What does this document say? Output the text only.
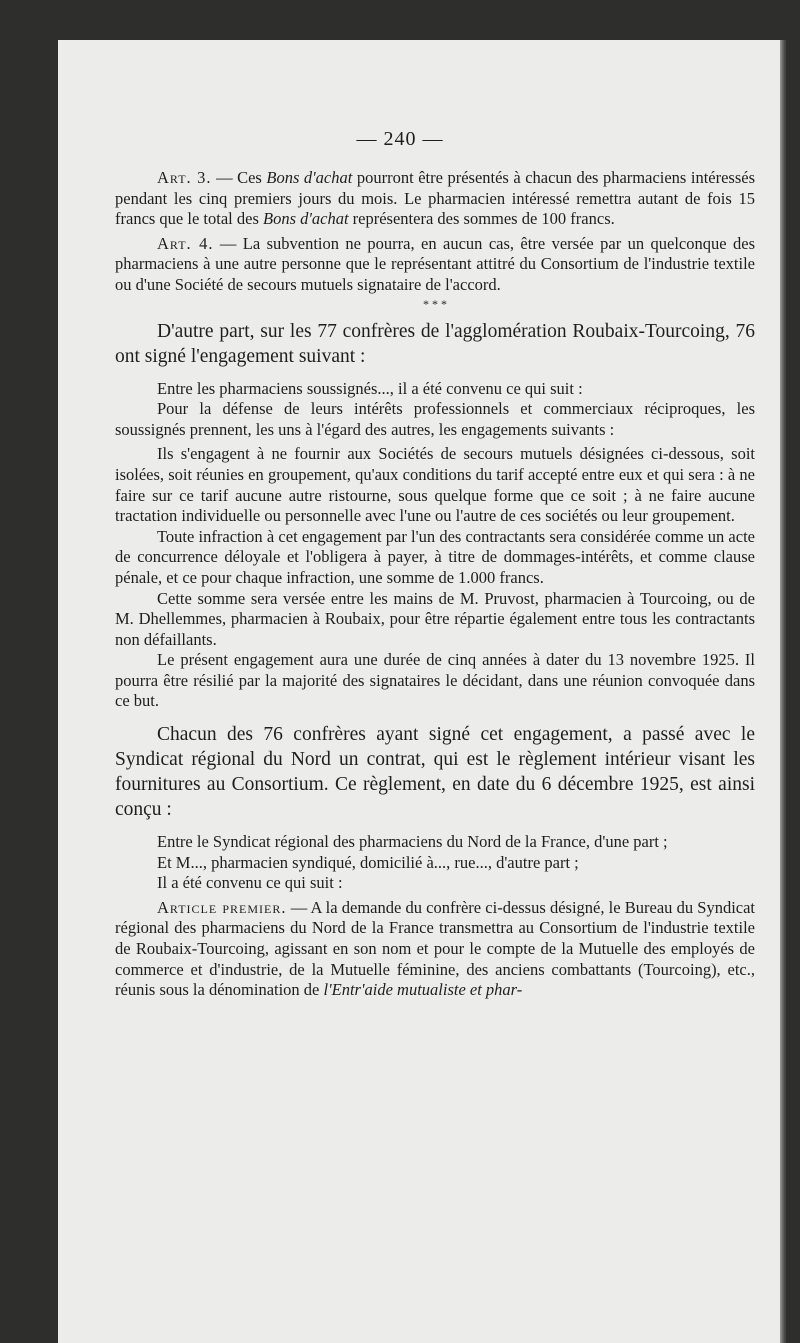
— 240 —

Art. 3. — Ces Bons d'achat pourront être présentés à chacun des pharmaciens intéressés pendant les cinq premiers jours du mois. Le pharmacien intéressé remettra autant de fois 15 francs que le total des Bons d'achat représentera des sommes de 100 francs.

Art. 4. — La subvention ne pourra, en aucun cas, être versée par un quelconque des pharmaciens à une autre personne que le représentant attitré du Consortium de l'industrie textile ou d'une Société de secours mutuels signataire de l'accord.

* * *

D'autre part, sur les 77 confrères de l'agglomération Roubaix-Tourcoing, 76 ont signé l'engagement suivant :

Entre les pharmaciens soussignés..., il a été convenu ce qui suit :

Pour la défense de leurs intérêts professionnels et commerciaux réciproques, les soussignés prennent, les uns à l'égard des autres, les engagements suivants :

Ils s'engagent à ne fournir aux Sociétés de secours mutuels désignées ci-dessous, soit isolées, soit réunies en groupement, qu'aux conditions du tarif accepté entre eux et qui sera : à ne faire sur ce tarif aucune autre ristourne, sous quelque forme que ce soit ; à ne faire aucune tractation individuelle ou personnelle avec l'une ou l'autre de ces sociétés ou leur groupement.

Toute infraction à cet engagement par l'un des contractants sera considérée comme un acte de concurrence déloyale et l'obligera à payer, à titre de dommages-intérêts, et comme clause pénale, et ce pour chaque infraction, une somme de 1.000 francs.

Cette somme sera versée entre les mains de M. Pruvost, pharmacien à Tourcoing, ou de M. Dhellemmes, pharmacien à Roubaix, pour être répartie également entre tous les contractants non défaillants.

Le présent engagement aura une durée de cinq années à dater du 13 novembre 1925. Il pourra être résilié par la majorité des signataires le décidant, dans une réunion convoquée dans ce but.

Chacun des 76 confrères ayant signé cet engagement, a passé avec le Syndicat régional du Nord un contrat, qui est le règlement intérieur visant les fournitures au Consortium. Ce règlement, en date du 6 décembre 1925, est ainsi conçu :

Entre le Syndicat régional des pharmaciens du Nord de la France, d'une part ;

Et M..., pharmacien syndiqué, domicilié à..., rue..., d'autre part ;

Il a été convenu ce qui suit :

Article premier. — A la demande du confrère ci-dessus désigné, le Bureau du Syndicat régional des pharmaciens du Nord de la France transmettra au Consortium de l'industrie textile de Roubaix-Tourcoing, agissant en son nom et pour le compte de la Mutuelle des employés de commerce et d'industrie, de la Mutuelle féminine, des anciens combattants (Tourcoing), etc., réunis sous la dénomination de l'Entr'aide mutualiste et phar-
